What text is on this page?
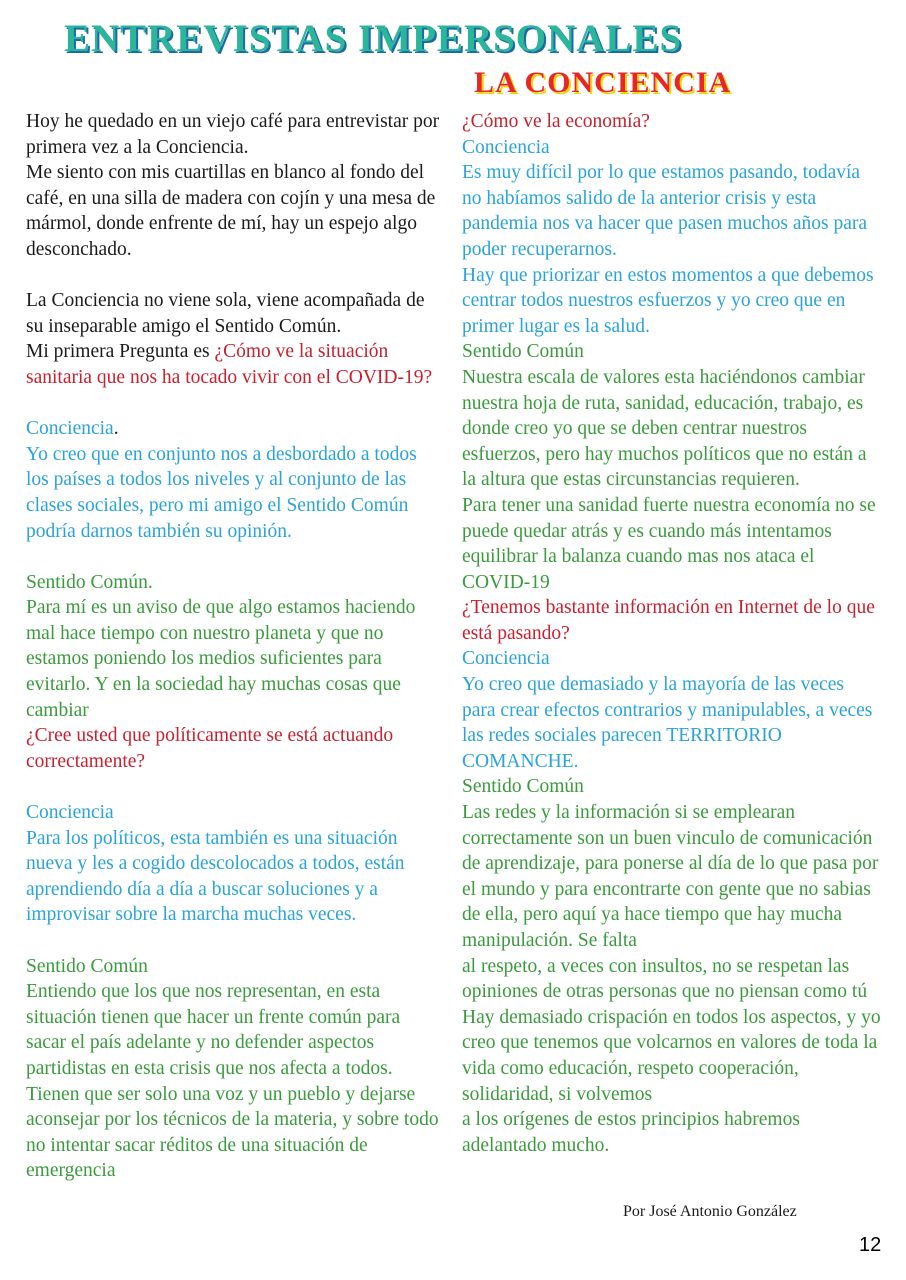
ENTREVISTAS IMPERSONALES
LA CONCIENCIA

Hoy he quedado en un viejo café para entrevistar por primera vez a la Conciencia.
Me siento con mis cuartillas en blanco al fondo del café, en una silla de madera con cojín y una mesa de mármol, donde enfrente de mí, hay un espejo algo desconchado.

La Conciencia no viene sola, viene acompañada de su inseparable amigo el Sentido Común.
Mi primera Pregunta es ¿Cómo ve la situación sanitaria que nos ha tocado vivir con el COVID-19?

Conciencia.

Yo creo que en conjunto nos a desbordado a todos los países a todos los niveles y al conjunto de las clases sociales, pero mi amigo el Sentido Común podría darnos también su opinión.

Sentido Común.

Para mí es un aviso de que algo estamos haciendo mal hace tiempo con nuestro planeta y que no estamos poniendo los medios suficientes para evitarlo. Y en la sociedad hay muchas cosas que cambiar

¿Cree usted que políticamente se está actuando correctamente?

Conciencia

Para los políticos, esta también es una situación nueva y les a cogido descolocados a todos, están aprendiendo día a día a buscar soluciones y a improvisar sobre la marcha muchas veces.

Sentido Común

Entiendo que los que nos representan, en esta situación tienen que hacer un frente común para sacar el país adelante y no defender aspectos partidistas en esta crisis que nos afecta a todos.
Tienen que ser solo una voz y un pueblo y dejarse aconsejar por los técnicos de la materia, y sobre todo no intentar sacar réditos de una situación de emergencia

¿Cómo ve la economía?

Conciencia

Es muy difícil por lo que estamos pasando, todavía no habíamos salido de la anterior crisis y esta pandemia nos va hacer que pasen muchos años para poder recuperarnos.
Hay que priorizar en estos momentos a que debemos centrar todos nuestros esfuerzos y yo creo que en primer lugar es la salud.

Sentido Común

Nuestra escala de valores esta haciéndonos cambiar nuestra hoja de ruta, sanidad, educación, trabajo, es donde creo yo que se deben centrar nuestros esfuerzos, pero hay muchos políticos que no están a la altura que estas circunstancias requieren.
Para tener una sanidad fuerte nuestra economía no se puede quedar atrás y es cuando más intentamos equilibrar la balanza cuando mas nos ataca el COVID-19

¿Tenemos bastante información en Internet de lo que está pasando?

Conciencia

Yo creo que demasiado y la mayoría de las veces para crear efectos contrarios y manipulables, a veces las redes sociales parecen TERRITORIO COMANCHE.

Sentido Común

Las redes y la información si se emplearan correctamente son un buen vinculo de comunicación de aprendizaje, para ponerse al día de lo que pasa por el mundo y para encontrarte con gente que no sabias de ella, pero aquí ya hace tiempo que hay mucha manipulación. Se falta
al respeto, a veces con insultos, no se respetan las opiniones de otras personas que no piensan como tú Hay demasiado crispación en todos los aspectos, y yo creo que tenemos que volcarnos en valores de toda la vida como educación, respeto cooperación, solidaridad, si volvemos
a los orígenes de estos principios habremos adelantado mucho.

Por José Antonio González
12
